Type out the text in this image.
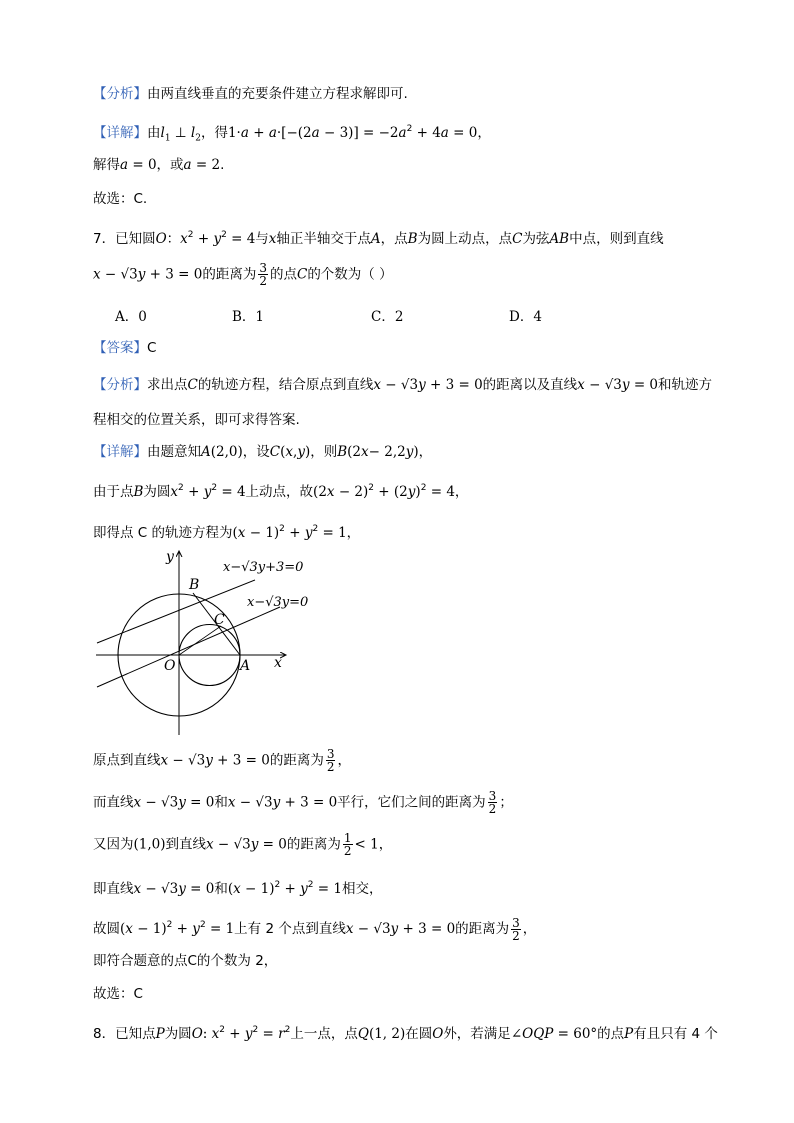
【分析】由两直线垂直的充要条件建立方程求解即可.
【详解】由$l_1$ ⊥ $l_2$，得$1\cdot a + a\cdot[-(2a - 3)] = -2a^2 + 4a = 0$，
解得a = 0，或a = 2.
故选：C.
7．已知圆O：$x^2 + y^2 = 4$与x轴正半轴交于点A，点B为圆上动点，点C为弦AB中点，则到直线
x − √3y + 3 = 0的距离为 $\frac{3}{2}$ 的点C的个数为（ ）
A．0	B．1	C．2	D．4
【答案】C
【分析】求出点C的轨迹方程，结合原点到直线x − √3y + 3 = 0的距离以及直线x − √3y = 0和轨迹方
程相交的位置关系，即可求得答案.
【详解】由题意知A(2,0)，设C(x,y)，则B(2x− 2,2y)，
由于点B为圆$x^2 + y^2 = 4$上动点，故$(2x - 2)^2 + (2y)^2 = 4$，
即得点 C 的轨迹方程为$(x - 1)^2 + y^2 = 1$，
y
x
O	A
B
C
x−√3y+3=0
x−√3y=0
原点到直线x − √3y + 3 = 0的距离为 $\frac{3}{2}$ ，
而直线x − √3y = 0和x − √3y + 3 = 0平行，它们之间的距离为 $\frac{3}{2}$ ；
又因为(1,0)到直线x − √3y = 0的距离为 $\frac{1}{2} < 1$，
即直线x − √3y = 0和$(x - 1)^2 + y^2 = 1$相交，
故圆$(x - 1)^2 + y^2 = 1$上有 2 个点到直线x − √3y + 3 = 0的距离为 $\frac{3}{2}$ ，
即符合题意的点C的个数为 2，
故选：C
8．已知点P为圆O: $x^2 + y^2 = r^2$上一点，点Q(1, 2)在圆O外，若满足∠OQP = 60°的点P有且只有 4 个
